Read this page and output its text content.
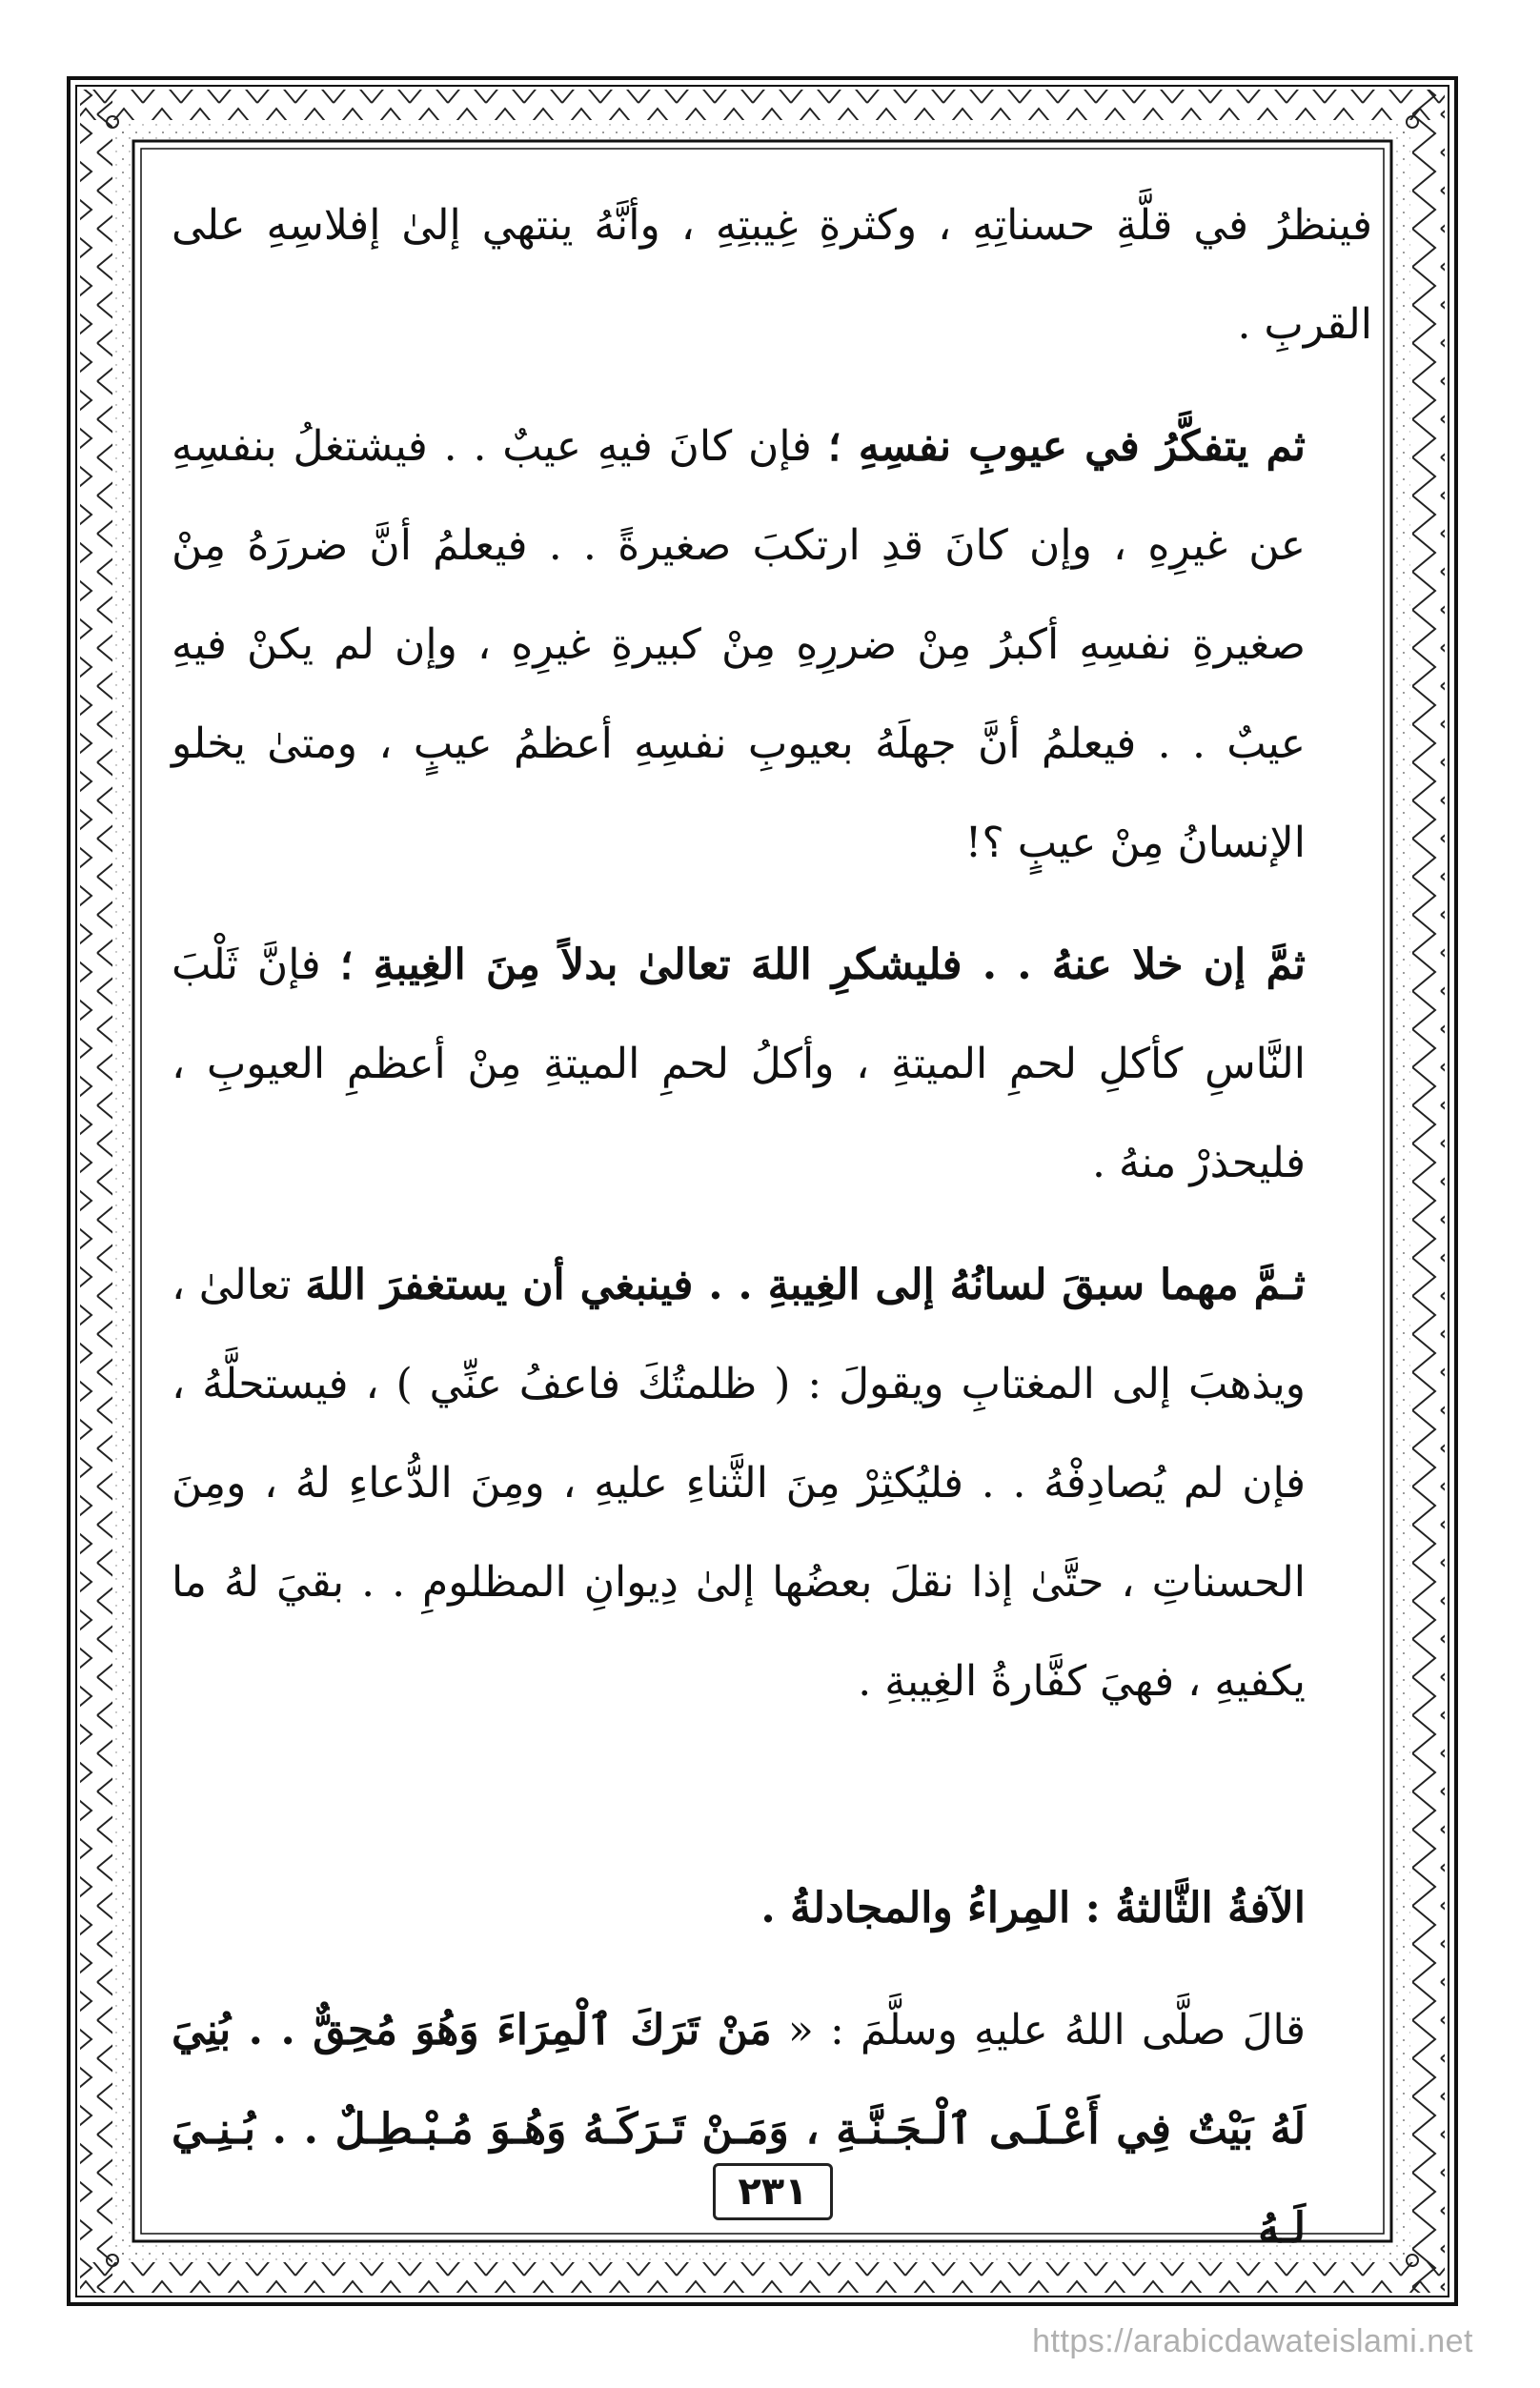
فينظرُ في قلَّةِ حسناتِهِ ، وكثرةِ غِيبتِهِ ، وأنَّهُ ينتهي إلىٰ إفلاسِهِ على القربِ .

ثم يتفكَّرُ في عيوبِ نفسِهِ ؛ فإن كانَ فيهِ عيبٌ . . فيشتغلُ بنفسِهِ عن غيرِهِ ، وإن كانَ قدِ ارتكبَ صغيرةً . . فيعلمُ أنَّ ضررَهُ مِنْ صغيرةِ نفسِهِ أكبرُ مِنْ ضررِهِ مِنْ كبيرةِ غيرِهِ ، وإن لم يكنْ فيهِ عيبٌ . . فيعلمُ أنَّ جهلَهُ بعيوبِ نفسِهِ أعظمُ عيبٍ ، ومتىٰ يخلو الإنسانُ مِنْ عيبٍ ؟!

ثمَّ إن خلا عنهُ . . فليشكرِ اللهَ تعالىٰ بدلاً مِنَ الغِيبةِ ؛ فإنَّ ثَلْبَ النَّاسِ كأكلِ لحمِ الميتةِ ، وأكلُ لحمِ الميتةِ مِنْ أعظمِ العيوبِ ، فليحذرْ منهُ .

ثـمَّ مهما سبقَ لسانُهُ إلى الغِيبةِ . . فينبغي أن يستغفرَ اللهَ تعالىٰ ، ويذهبَ إلى المغتابِ ويقولَ : ( ظلمتُكَ فاعفُ عنِّي ) ، فيستحلَّهُ ، فإن لم يُصادِفْهُ . . فليُكثِرْ مِنَ الثَّناءِ عليهِ ، ومِنَ الدُّعاءِ لهُ ، ومِنَ الحسناتِ ، حتَّىٰ إذا نقلَ بعضُها إلىٰ دِيوانِ المظلومِ . . بقيَ لهُ ما يكفيهِ ، فهيَ كفَّارةُ الغِيبةِ .

الآفةُ الثَّالثةُ : المِراءُ والمجادلةُ .

قالَ صلَّى اللهُ عليهِ وسلَّمَ : « مَنْ تَرَكَ ٱلْمِرَاءَ وَهُوَ مُحِقٌّ . . بُنِيَ لَهُ بَيْتٌ فِي أَعْـلَـى ٱلْـجَـنَّـةِ ، وَمَـنْ تَـرَكَـهُ وَهُـوَ مُـبْـطِـلٌ . . بُـنِـيَ لَـهُ

٢٣١
https://arabicdawateislami.net
